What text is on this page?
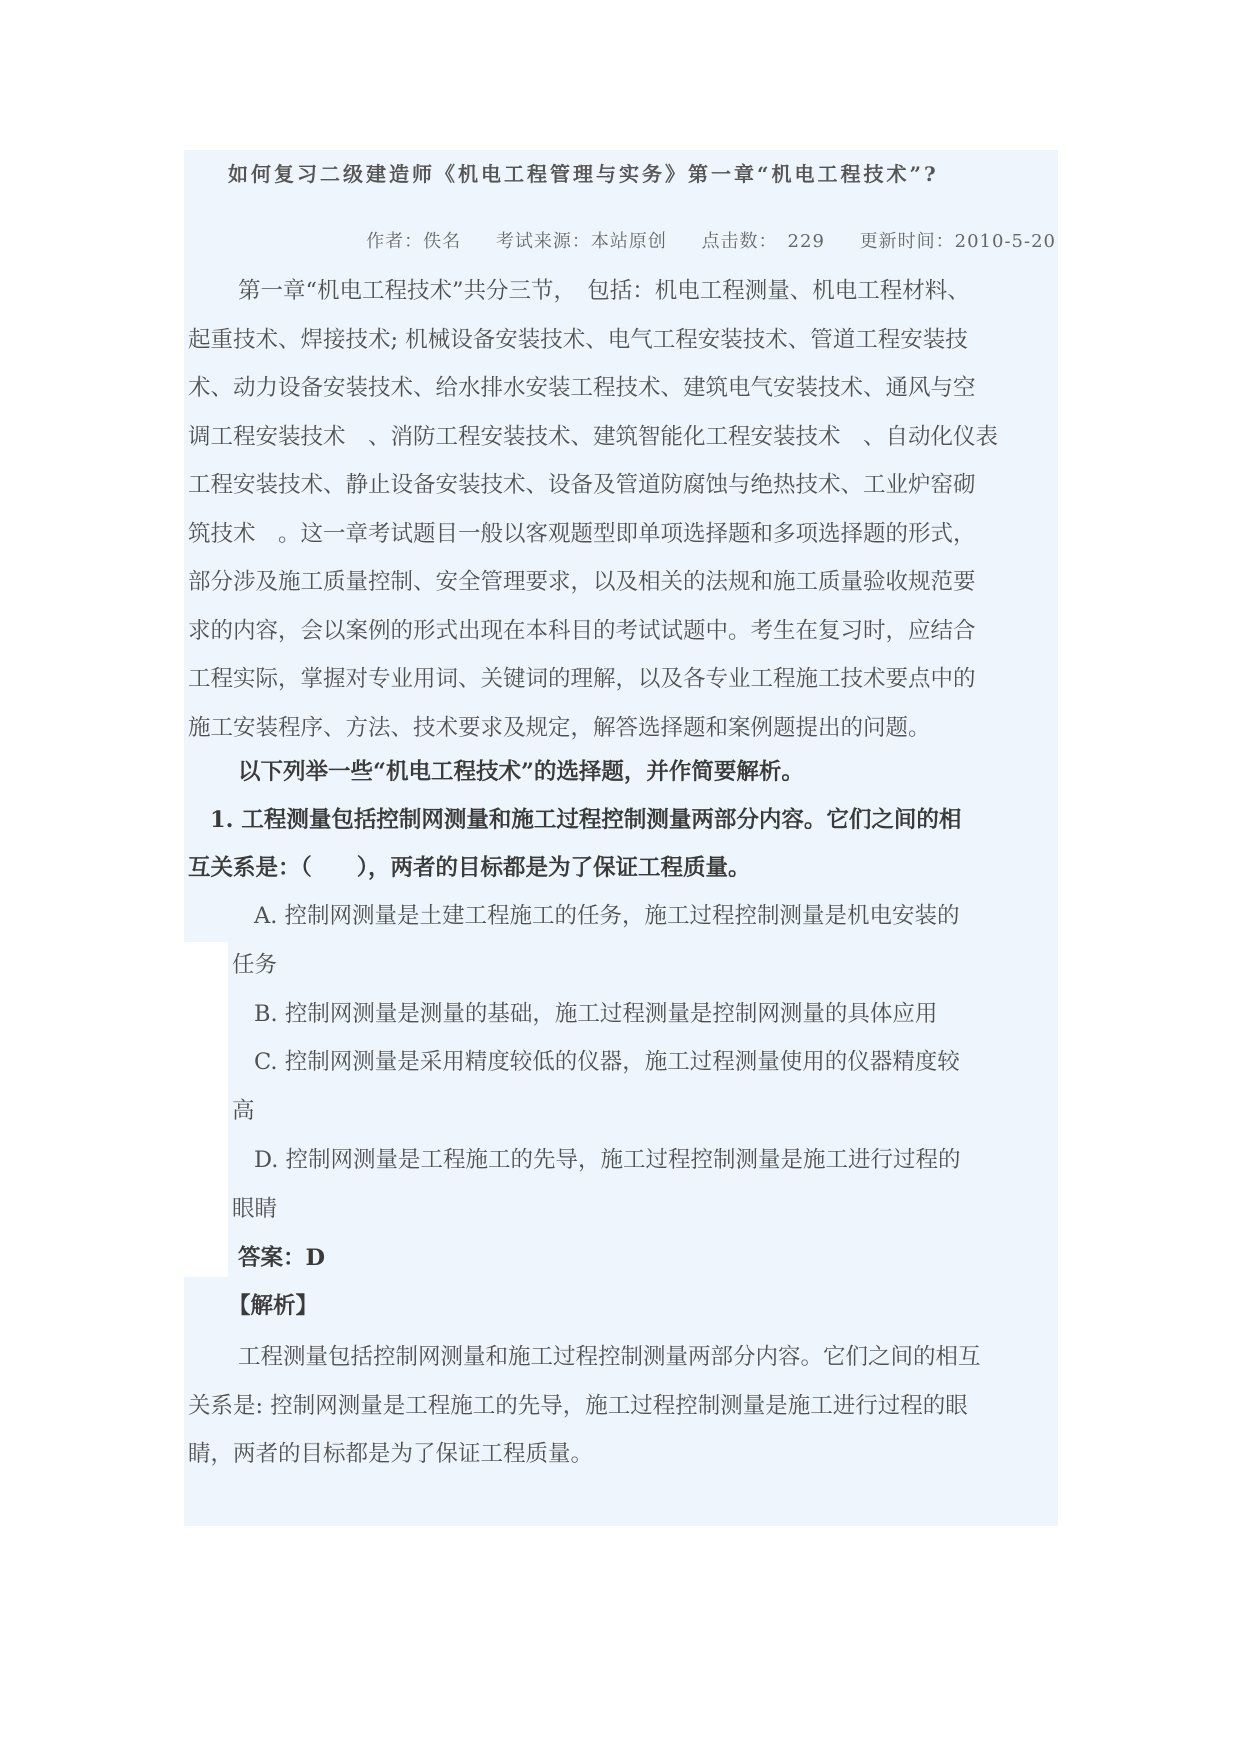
如何复习二级建造师《机电工程管理与实务》第一章“机电工程技术”?
作者：佚名 考试来源：本站原创 点击数：　229 更新时间：2010-5-20
第一章“机电工程技术”共分三节，　包括：机电工程测量、机电工程材料、
起重技术、焊接技术; 机械设备安装技术、电气工程安装技术、管道工程安装技
术、动力设备安装技术、给水排水安装工程技术、建筑电气安装技术、通风与空
调工程安装技术　、消防工程安装技术、建筑智能化工程安装技术　、自动化仪表
工程安装技术、静止设备安装技术、设备及管道防腐蚀与绝热技术、工业炉窑砌
筑技术　。这一章考试题目一般以客观题型即单项选择题和多项选择题的形式，
部分涉及施工质量控制、安全管理要求，以及相关的法规和施工质量验收规范要
求的内容，会以案例的形式出现在本科目的考试试题中。考生在复习时，应结合
工程实际，掌握对专业用词、关键词的理解，以及各专业工程施工技术要点中的
施工安装程序、方法、技术要求及规定，解答选择题和案例题提出的问题。
以下列举一些“机电工程技术”的选择题，并作简要解析。
1. 工程测量包括控制网测量和施工过程控制测量两部分内容。它们之间的相
互关系是：（　　），两者的目标都是为了保证工程质量。
A. 控制网测量是土建工程施工的任务，施工过程控制测量是机电安装的
任务
B. 控制网测量是测量的基础，施工过程测量是控制网测量的具体应用
C. 控制网测量是采用精度较低的仪器，施工过程测量使用的仪器精度较
高
D. 控制网测量是工程施工的先导，施工过程控制测量是施工进行过程的
眼睛
答案：D
【解析】
工程测量包括控制网测量和施工过程控制测量两部分内容。它们之间的相互
关系是: 控制网测量是工程施工的先导，施工过程控制测量是施工进行过程的眼
睛，两者的目标都是为了保证工程质量。
